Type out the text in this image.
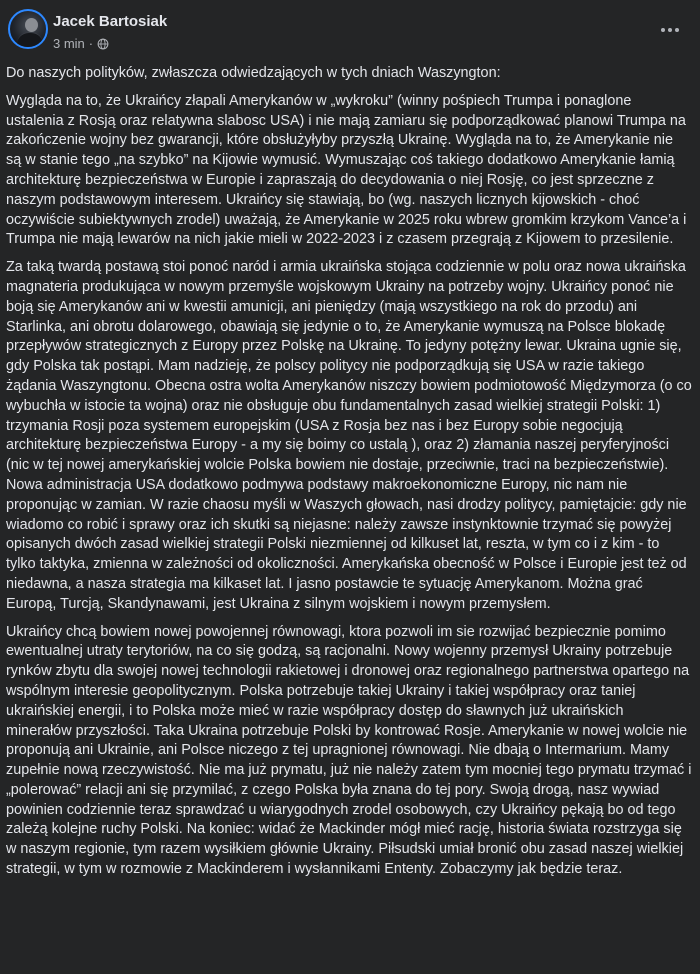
Jacek Bartosiak
3 min ·

Do naszych polityków, zwłaszcza odwiedzających w tych dniach Waszyngton:

Wygląda na to, że Ukraińcy złapali Amerykanów w „wykroku” (winny pośpiech Trumpa i ponaglone ustalenia z Rosją oraz relatywna slabosc USA) i nie mają zamiaru się podporządkować planowi Trumpa na zakończenie wojny bez gwarancji, które obsłużyłyby przyszłą Ukrainę. Wygląda na to, że Amerykanie nie są w stanie tego „na szybko” na Kijowie wymusić. Wymuszając coś takiego dodatkowo Amerykanie łamią architekturę bezpieczeństwa w Europie i zapraszają do decydowania o niej Rosję, co jest sprzeczne z naszym podstawowym interesem. Ukraińcy się stawiają, bo (wg. naszych licznych kijowskich - choć oczywiście subiektywnych zrodel) uważają, że Amerykanie w 2025 roku wbrew gromkim krzykom Vance’a i Trumpa nie mają lewarów na nich jakie mieli w 2022-2023 i z czasem przegrają z Kijowem to przesilenie.

Za taką twardą postawą stoi ponoć naród i armia ukraińska stojąca codziennie w polu oraz nowa ukraińska magnateria produkująca w nowym przemyśle wojskowym Ukrainy na potrzeby wojny. Ukraińcy ponoć nie boją się Amerykanów ani w kwestii amunicji, ani pieniędzy (mają wszystkiego na rok do przodu) ani Starlinka, ani obrotu dolarowego, obawiają się jedynie o to, że Amerykanie wymuszą na Polsce blokadę przepływów strategicznych z Europy przez Polskę na Ukrainę. To jedyny potężny lewar. Ukraina ugnie się, gdy Polska tak postąpi. Mam nadzieję, że polscy politycy nie podporządkują się USA w razie takiego żądania Waszyngtonu. Obecna ostra wolta Amerykanów niszczy bowiem podmiotowość Międzymorza (o co wybuchła w istocie ta wojna) oraz nie obsługuje obu fundamentalnych zasad wielkiej strategii Polski: 1) trzymania Rosji poza systemem europejskim (USA z Rosja bez nas i bez Europy sobie negocjują architekturę bezpieczeństwa Europy - a my się boimy co ustalą ), oraz 2) złamania naszej peryferyjności (nic w tej nowej amerykańskiej wolcie Polska bowiem nie dostaje, przeciwnie, traci na bezpieczeństwie). Nowa administracja USA dodatkowo podmywa podstawy makroekonomiczne Europy, nic nam nie proponując w zamian. W razie chaosu myśli w Waszych głowach, nasi drodzy politycy, pamiętajcie: gdy nie wiadomo co robić i sprawy oraz ich skutki są niejasne: należy zawsze instynktownie trzymać się powyżej opisanych dwóch zasad wielkiej strategii Polski niezmiennej od kilkuset lat, reszta, w tym co i z kim - to tylko taktyka, zmienna w zależności od okoliczności. Amerykańska obecność w Polsce i Europie jest też od niedawna, a nasza strategia ma kilkaset lat. I jasno postawcie te sytuację Amerykanom. Można grać Europą, Turcją, Skandynawami, jest Ukraina z silnym wojskiem i nowym przemysłem.

Ukraińcy chcą bowiem nowej powojennej równowagi, ktora pozwoli im sie rozwijać bezpiecznie pomimo ewentualnej utraty terytoriów, na co się godzą, są racjonalni. Nowy wojenny przemysł Ukrainy potrzebuje rynków zbytu dla swojej nowej technologii rakietowej i dronowej oraz regionalnego partnerstwa opartego na wspólnym interesie geopolitycznym. Polska potrzebuje takiej Ukrainy i takiej współpracy oraz taniej ukraińskiej energii, i to Polska może mieć w razie współpracy dostęp do sławnych już ukraińskich minerałów przyszłości. Taka Ukraina potrzebuje Polski by kontrować Rosje. Amerykanie w nowej wolcie nie proponują ani Ukrainie, ani Polsce niczego z tej upragnionej równowagi. Nie dbają o Intermarium. Mamy zupełnie nową rzeczywistość. Nie ma już prymatu, już nie należy zatem tym mocniej tego prymatu trzymać i „polerować” relacji ani się przymilać, z czego Polska była znana do tej pory. Swoją drogą, nasz wywiad powinien codziennie teraz sprawdzać u wiarygodnych zrodel osobowych, czy Ukraińcy pękają bo od tego zależą kolejne ruchy Polski. Na koniec: widać że Mackinder mógł mieć rację, historia świata rozstrzyga się w naszym regionie, tym razem wysiłkiem głównie Ukrainy. Piłsudski umiał bronić obu zasad naszej wielkiej strategii, w tym w rozmowie z Mackinderem i wysłannikami Ententy. Zobaczymy jak będzie teraz.
